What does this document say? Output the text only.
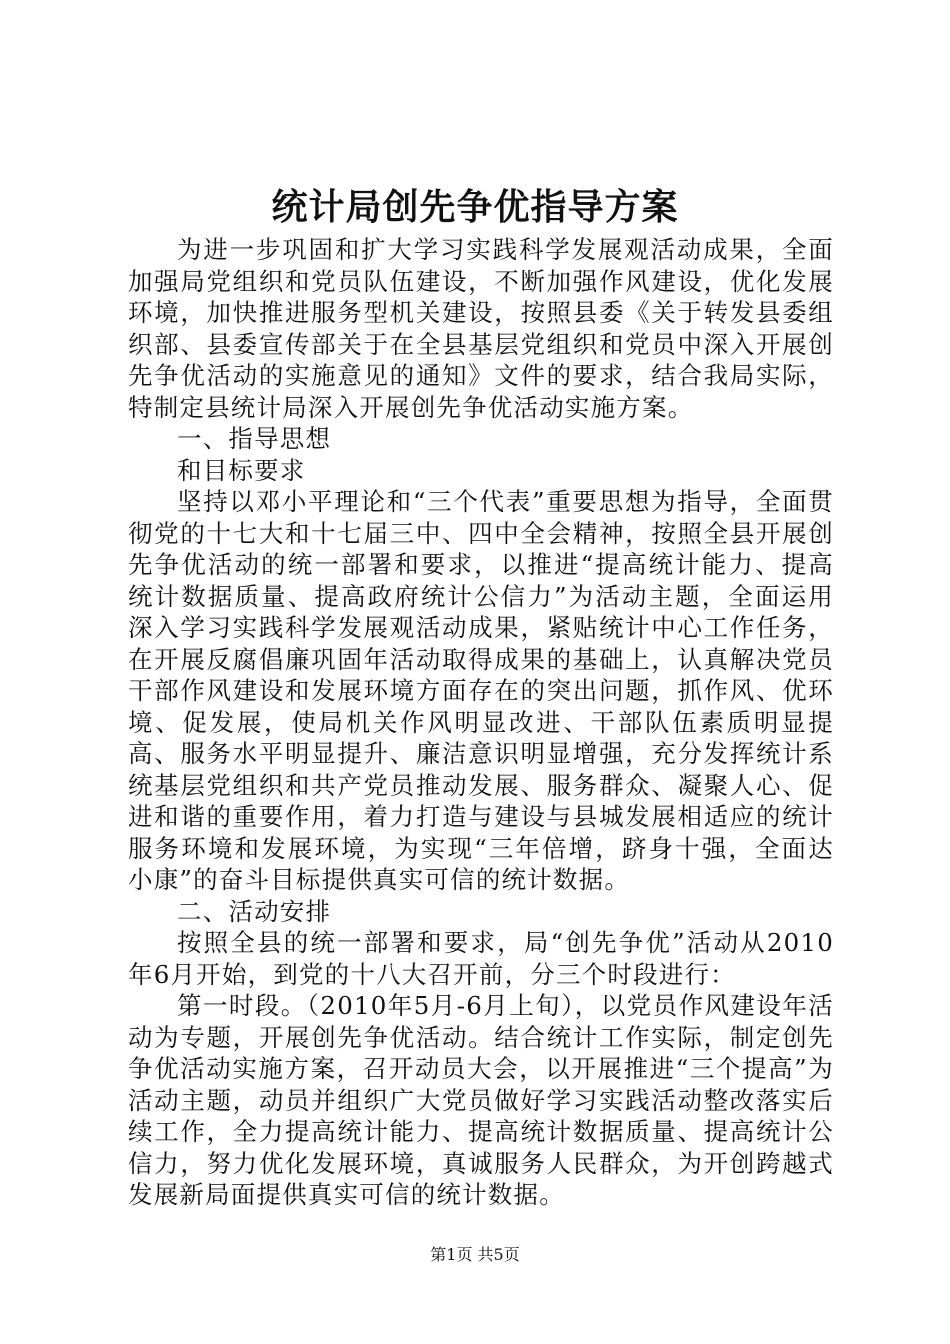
统计局创先争优指导方案

为进一步巩固和扩大学习实践科学发展观活动成果，全面加强局党组织和党员队伍建设，不断加强作风建设，优化发展环境，加快推进服务型机关建设，按照县委《关于转发县委组织部、县委宣传部关于在全县基层党组织和党员中深入开展创先争优活动的实施意见的通知》文件的要求，结合我局实际，特制定县统计局深入开展创先争优活动实施方案。

一、指导思想

和目标要求

坚持以邓小平理论和“三个代表”重要思想为指导，全面贯彻党的十七大和十七届三中、四中全会精神，按照全县开展创先争优活动的统一部署和要求，以推进“提高统计能力、提高统计数据质量、提高政府统计公信力”为活动主题，全面运用深入学习实践科学发展观活动成果，紧贴统计中心工作任务，在开展反腐倡廉巩固年活动取得成果的基础上，认真解决党员干部作风建设和发展环境方面存在的突出问题，抓作风、优环境、促发展，使局机关作风明显改进、干部队伍素质明显提高、服务水平明显提升、廉洁意识明显增强，充分发挥统计系统基层党组织和共产党员推动发展、服务群众、凝聚人心、促进和谐的重要作用，着力打造与建设与县城发展相适应的统计服务环境和发展环境，为实现“三年倍增，跻身十强，全面达小康”的奋斗目标提供真实可信的统计数据。

二、活动安排

按照全县的统一部署和要求，局“创先争优”活动从2010年6月开始，到党的十八大召开前，分三个时段进行：

第一时段。（2010年5月-6月上旬），以党员作风建设年活动为专题，开展创先争优活动。结合统计工作实际，制定创先争优活动实施方案，召开动员大会，以开展推进“三个提高”为活动主题，动员并组织广大党员做好学习实践活动整改落实后续工作，全力提高统计能力、提高统计数据质量、提高统计公信力，努力优化发展环境，真诚服务人民群众，为开创跨越式发展新局面提供真实可信的统计数据。

第1页 共5页
